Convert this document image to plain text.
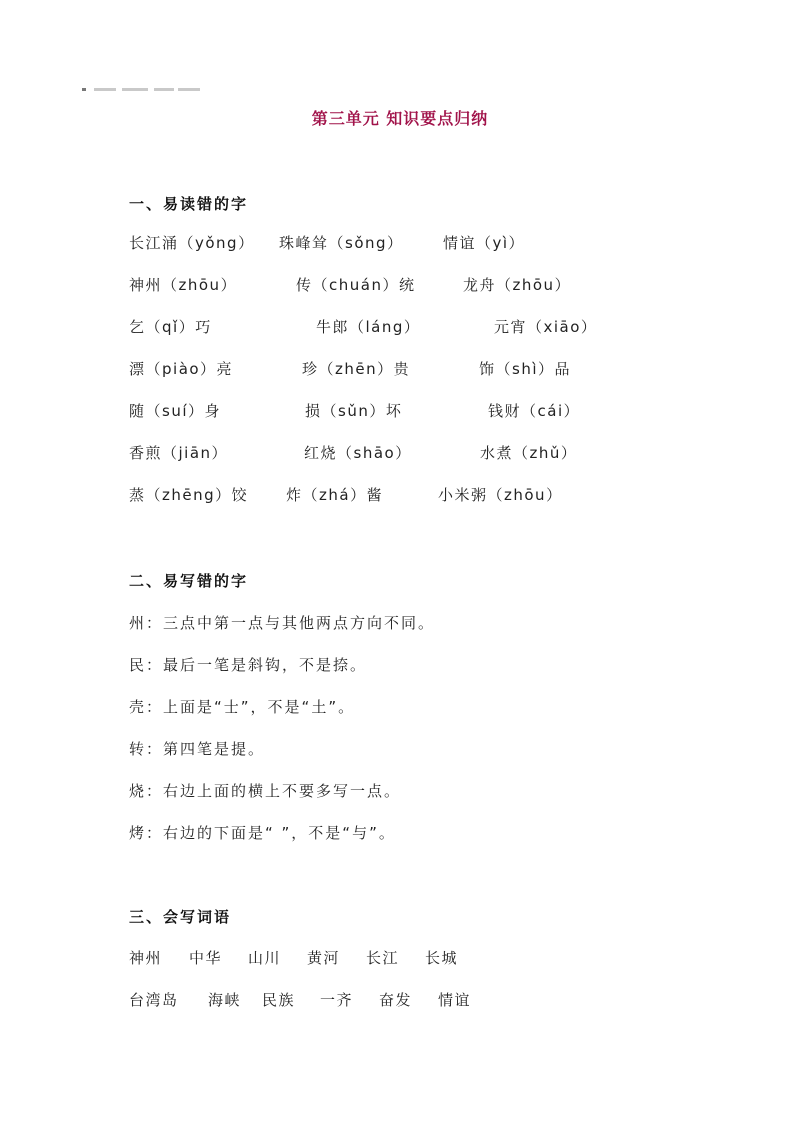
第三单元 知识要点归纳
一、易读错的字
长江涌（yǒng） 珠峰耸（sǒng）	情谊（yì）
神州（zhōu）	传（chuán）统	龙舟（zhōu）
乞（qǐ）巧	牛郎（láng）	元宵（xiāo）
漂（piào）亮	珍（zhēn）贵	饰（shì）品
随（suí）身	损（sǔn）坏	钱财（cái）
香煎（jiān）	红烧（shāo）	水煮（zhǔ）
蒸（zhēng）饺	炸（zhá）酱	小米粥（zhōu）
二、易写错的字
州：三点中第一点与其他两点方向不同。
民：最后一笔是斜钩，不是捺。
壳：上面是“士”，不是“土”。
转：第四笔是提。
烧：右边上面的横上不要多写一点。
烤：右边的下面是“ ”，不是“与”。
三、会写词语
神州 中华 山川 黄河 长江 长城
台湾岛 海峡 民族 一齐 奋发 情谊
